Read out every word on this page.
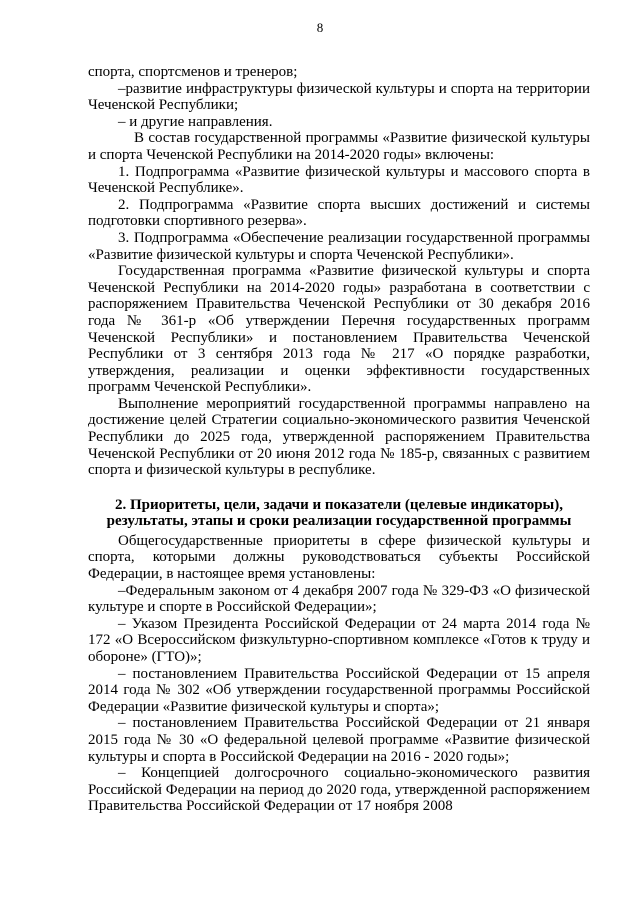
8

спорта, спортсменов и тренеров;

–развитие инфраструктуры физической культуры и спорта на территории Чеченской Республики;

– и другие направления.

В состав государственной программы «Развитие физической культуры и спорта Чеченской Республики на 2014-2020 годы» включены:

1. Подпрограмма «Развитие физической культуры и массового спорта в Чеченской Республике».

2. Подпрограмма «Развитие спорта высших достижений и системы подготовки спортивного резерва».

3. Подпрограмма «Обеспечение реализации государственной программы «Развитие физической культуры и спорта Чеченской Республики».

Государственная программа «Развитие физической культуры и спорта Чеченской Республики на 2014-2020 годы» разработана в соответствии с распоряжением Правительства Чеченской Республики от 30 декабря 2016 года № 361-р «Об утверждении Перечня государственных программ Чеченской Республики» и постановлением Правительства Чеченской Республики от 3 сентября 2013 года № 217 «О порядке разработки, утверждения, реализации и оценки эффективности государственных программ Чеченской Республики».

Выполнение мероприятий государственной программы направлено на достижение целей Стратегии социально-экономического развития Чеченской Республики до 2025 года, утвержденной распоряжением Правительства Чеченской Республики от 20 июня 2012 года № 185-р, связанных с развитием спорта и физической культуры в республике.

2. Приоритеты, цели, задачи и показатели (целевые индикаторы),
результаты, этапы и сроки реализации государственной программы

Общегосударственные приоритеты в сфере физической культуры и спорта, которыми должны руководствоваться субъекты Российской Федерации, в настоящее время установлены:

–Федеральным законом от 4 декабря 2007 года № 329-ФЗ «О физической культуре и спорте в Российской Федерации»;

– Указом Президента Российской Федерации от 24 марта 2014 года № 172 «О Всероссийском физкультурно-спортивном комплексе «Готов к труду и обороне» (ГТО)»;

– постановлением Правительства Российской Федерации от 15 апреля 2014 года № 302 «Об утверждении государственной программы Российской Федерации «Развитие физической культуры и спорта»;

– постановлением Правительства Российской Федерации от 21 января 2015 года № 30 «О федеральной целевой программе «Развитие физической культуры и спорта в Российской Федерации на 2016 - 2020 годы»;

– Концепцией долгосрочного социально-экономического развития Российской Федерации на период до 2020 года, утвержденной распоряжением Правительства Российской Федерации от 17 ноября 2008
